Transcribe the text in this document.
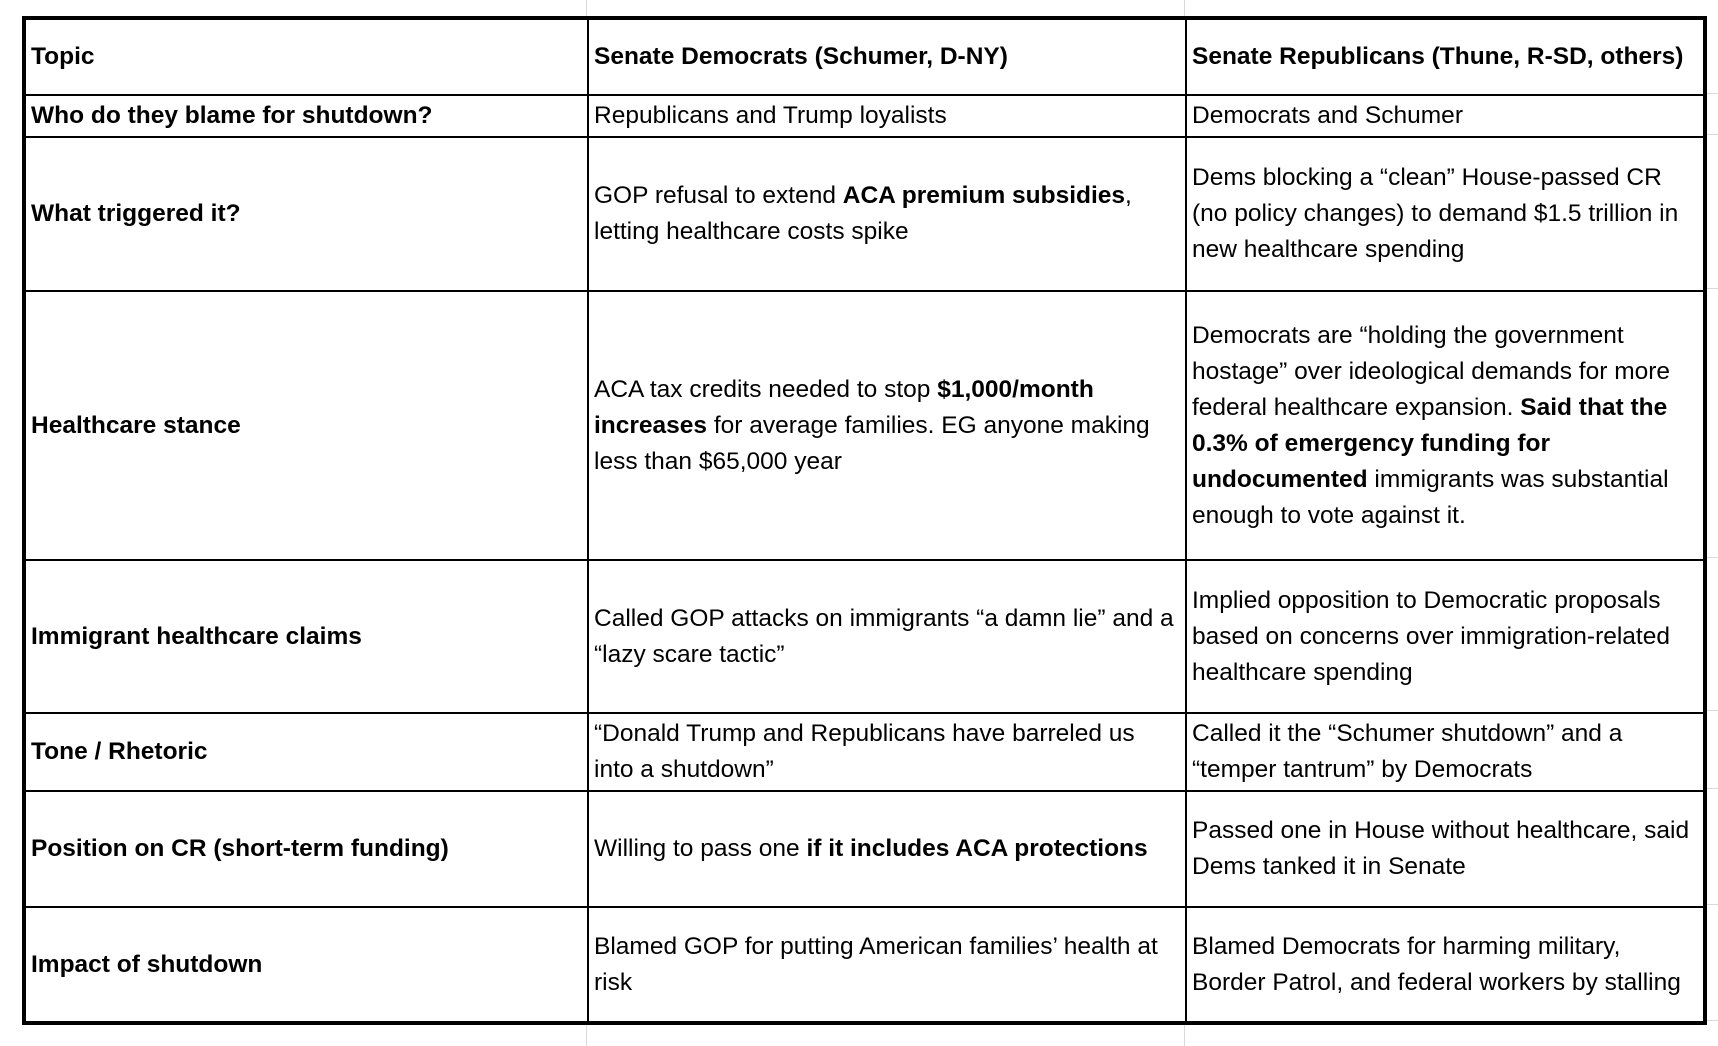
Topic	Senate Democrats (Schumer, D-NY)	Senate Republicans (Thune, R-SD, others)
Who do they blame for shutdown?	Republicans and Trump loyalists	Democrats and Schumer
What triggered it?	GOP refusal to extend ACA premium subsidies, letting healthcare costs spike	Dems blocking a “clean” House-passed CR (no policy changes) to demand $1.5 trillion in new healthcare spending
Healthcare stance	ACA tax credits needed to stop $1,000/month increases for average families. EG anyone making less than $65,000 year	Democrats are “holding the government hostage” over ideological demands for more federal healthcare expansion. Said that the 0.3% of emergency funding for undocumented immigrants was substantial enough to vote against it.
Immigrant healthcare claims	Called GOP attacks on immigrants “a damn lie” and a “lazy scare tactic”	Implied opposition to Democratic proposals based on concerns over immigration-related healthcare spending
Tone / Rhetoric	“Donald Trump and Republicans have barreled us into a shutdown”	Called it the “Schumer shutdown” and a “temper tantrum” by Democrats
Position on CR (short-term funding)	Willing to pass one if it includes ACA protections	Passed one in House without healthcare, said Dems tanked it in Senate
Impact of shutdown	Blamed GOP for putting American families’ health at risk	Blamed Democrats for harming military, Border Patrol, and federal workers by stalling
